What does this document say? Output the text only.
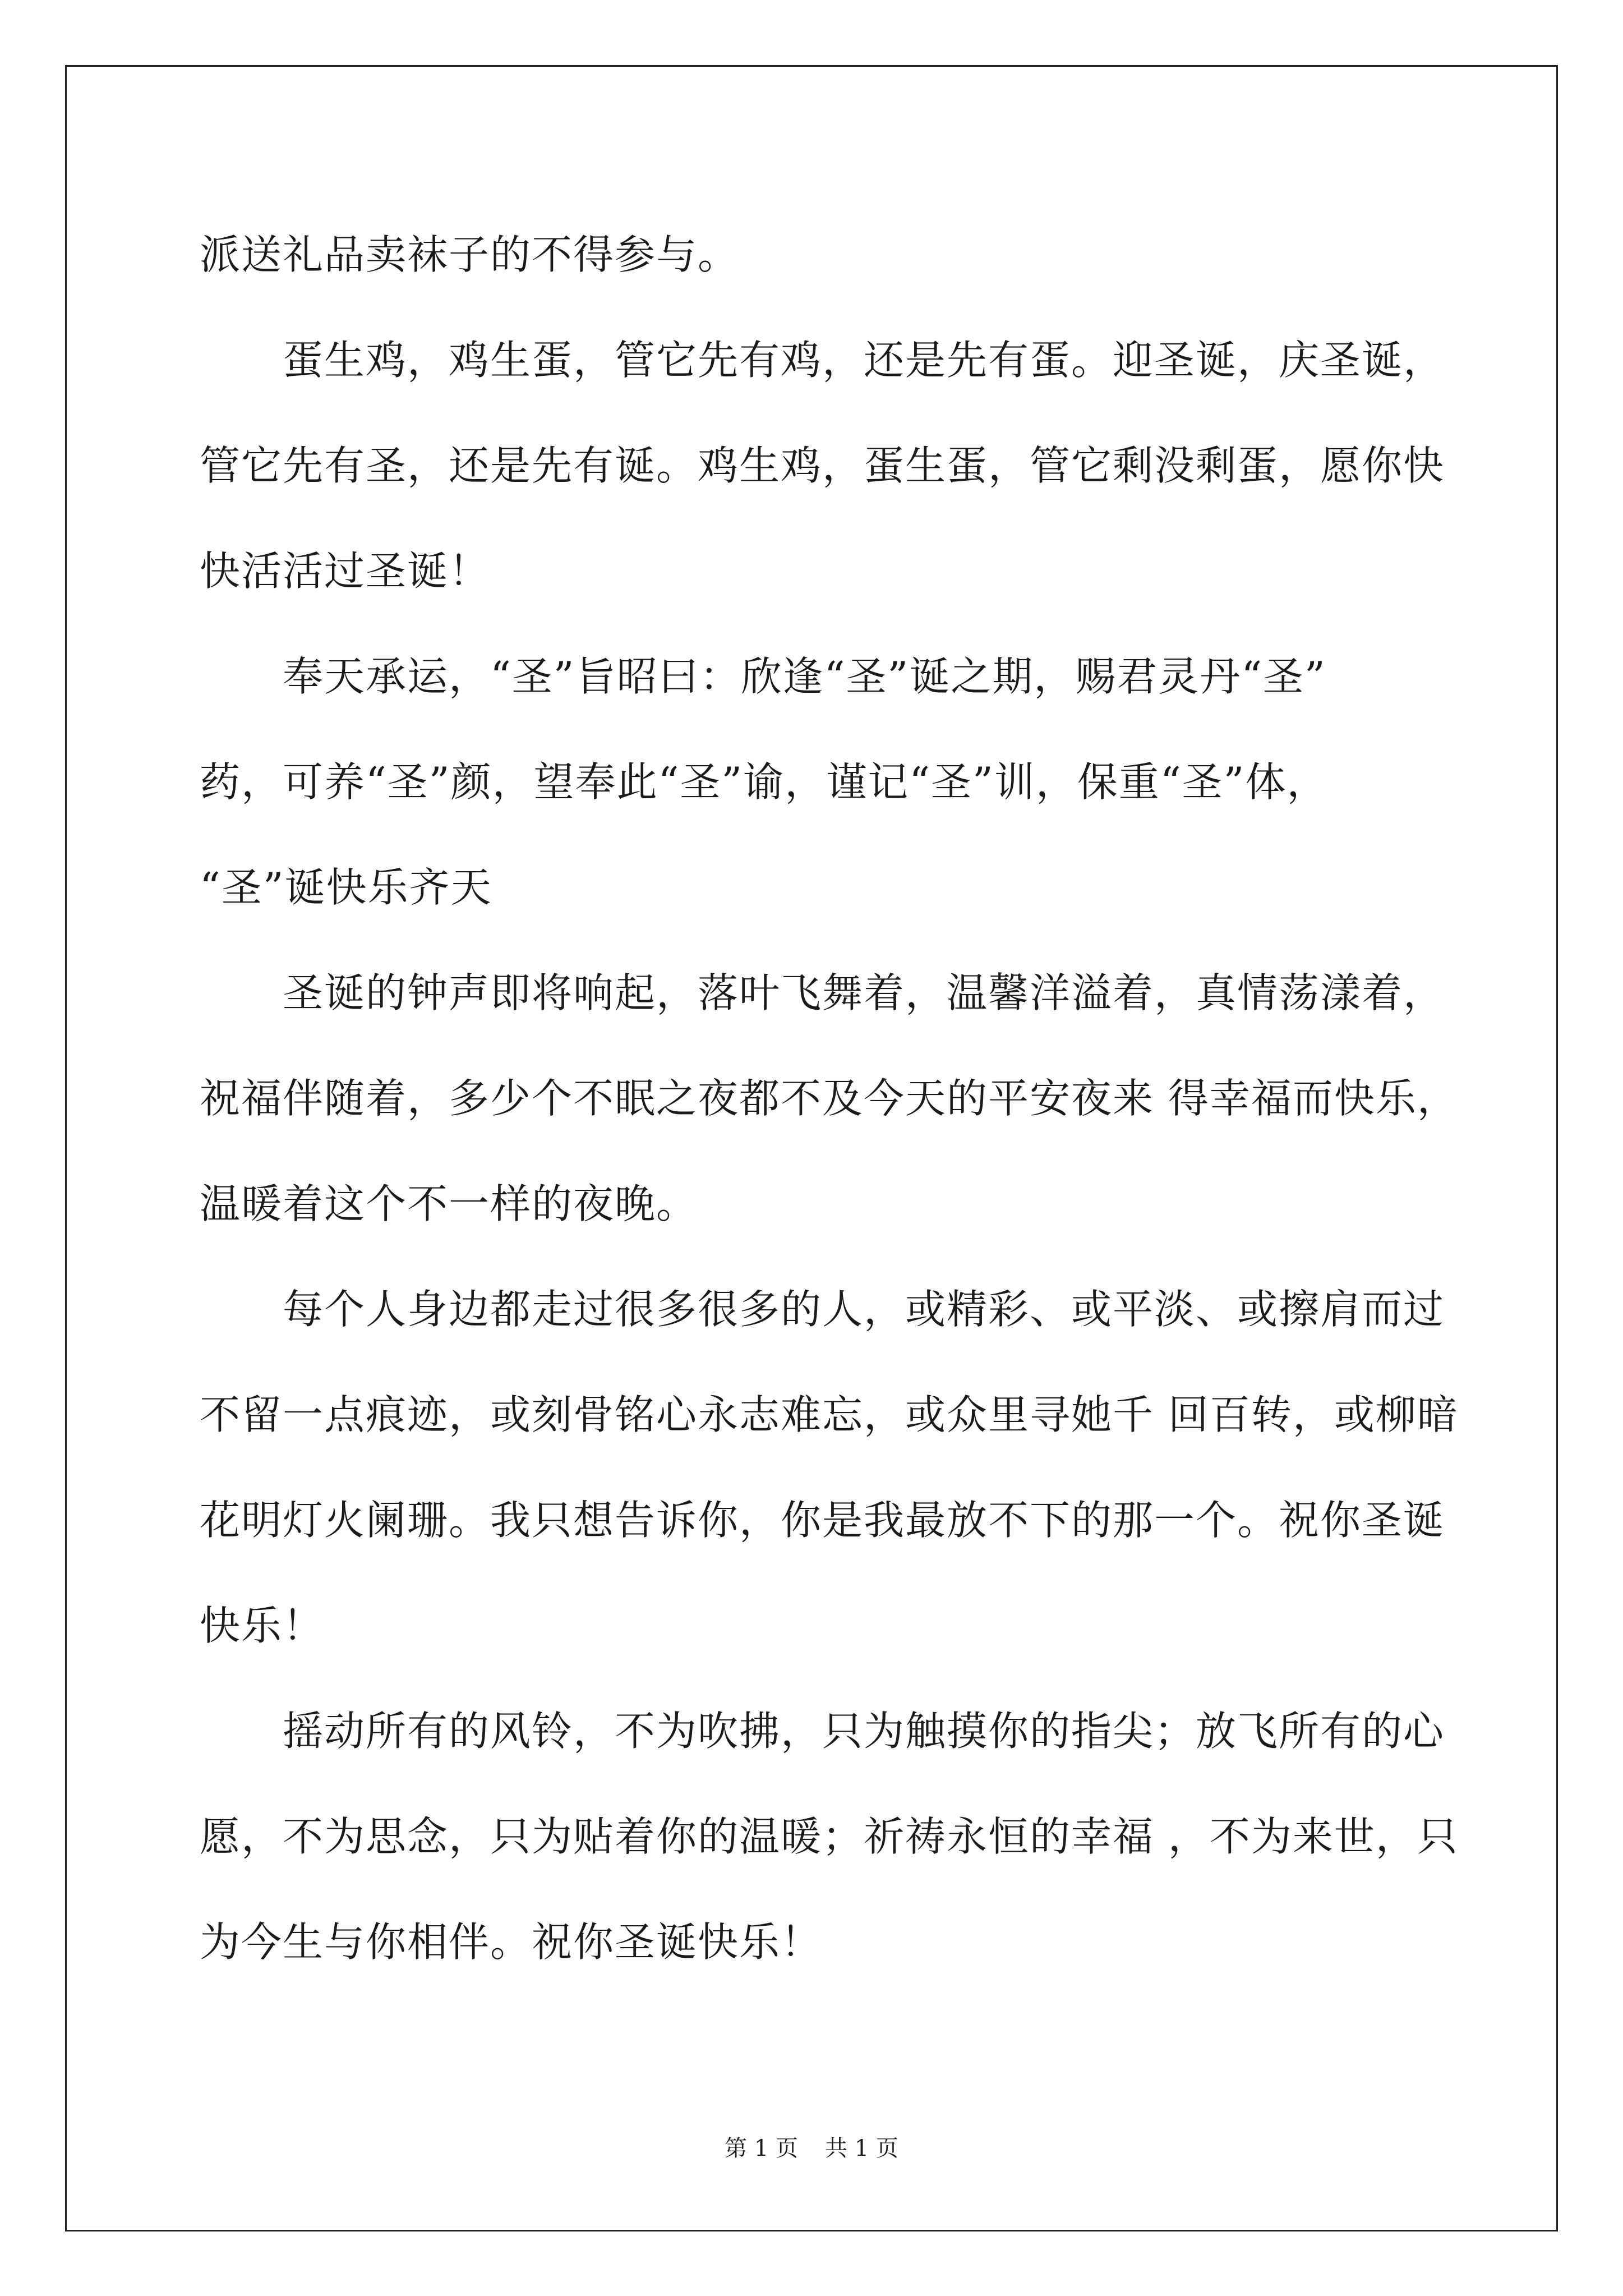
派送礼品卖袜子的不得参与。
　　蛋生鸡，鸡生蛋，管它先有鸡，还是先有蛋。迎圣诞，庆圣诞，
管它先有圣，还是先有诞。鸡生鸡，蛋生蛋，管它剩没剩蛋，愿你快
快活活过圣诞！
　　奉天承运，“圣”旨昭曰：欣逢“圣”诞之期，赐君灵丹“圣”
药，可养“圣”颜，望奉此“圣”谕，谨记“圣”训，保重“圣”体，
“圣”诞快乐齐天
　　圣诞的钟声即将响起，落叶飞舞着，温馨洋溢着，真情荡漾着，
祝福伴随着，多少个不眠之夜都不及今天的平安夜来 得幸福而快乐，
温暖着这个不一样的夜晚。
　　每个人身边都走过很多很多的人，或精彩、或平淡、或擦肩而过
不留一点痕迹，或刻骨铭心永志难忘，或众里寻她千 回百转，或柳暗
花明灯火阑珊。我只想告诉你，你是我最放不下的那一个。祝你圣诞
快乐！
　　摇动所有的风铃，不为吹拂，只为触摸你的指尖；放飞所有的心
愿，不为思念，只为贴着你的温暖；祈祷永恒的幸福 ，不为来世，只
为今生与你相伴。祝你圣诞快乐！
第 1 页 共 1 页
